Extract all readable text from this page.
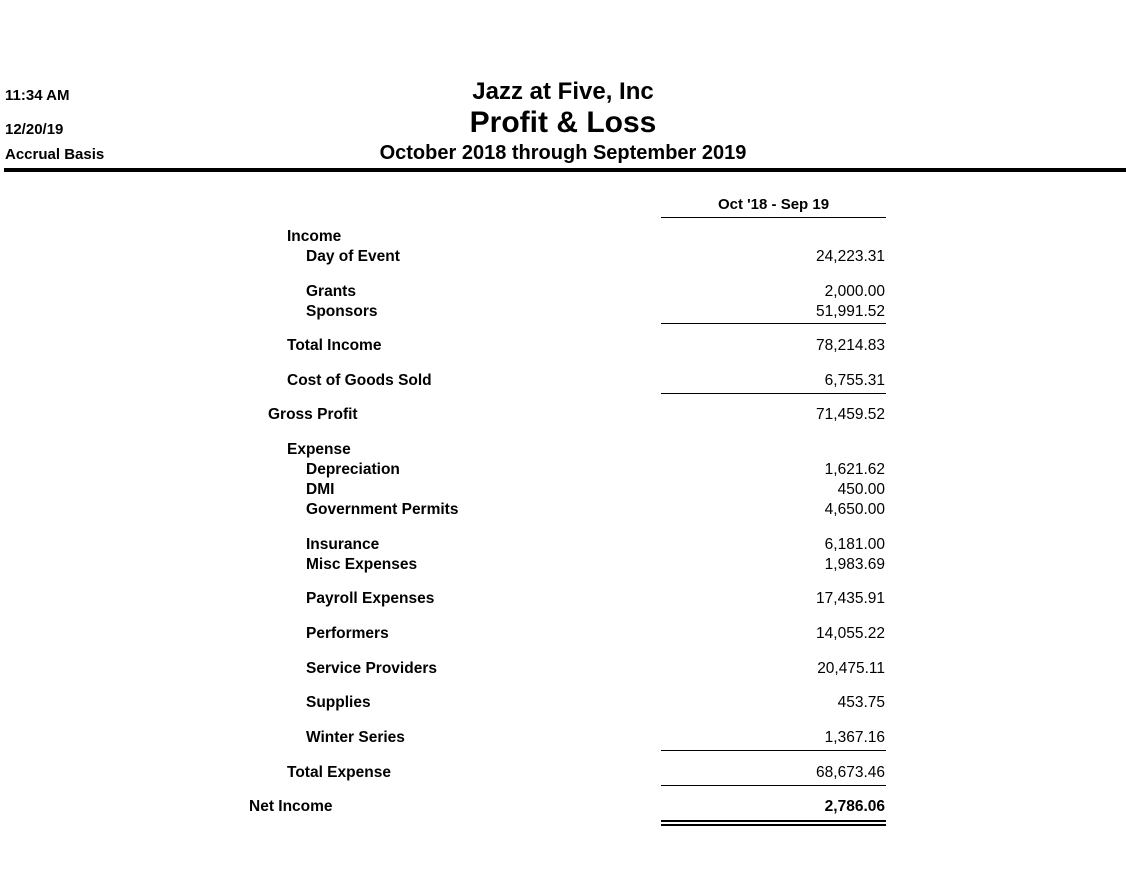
11:34 AM
12/20/19
Accrual Basis
Jazz at Five, Inc
Profit & Loss
October 2018 through September 2019
Oct '18 - Sep 19
Income
Day of Event	24,223.31
Grants	2,000.00
Sponsors	51,991.52
Total Income	78,214.83
Cost of Goods Sold	6,755.31
Gross Profit	71,459.52
Expense
Depreciation	1,621.62
DMI	450.00
Government Permits	4,650.00
Insurance	6,181.00
Misc Expenses	1,983.69
Payroll Expenses	17,435.91
Performers	14,055.22
Service Providers	20,475.11
Supplies	453.75
Winter Series	1,367.16
Total Expense	68,673.46
Net Income	2,786.06
